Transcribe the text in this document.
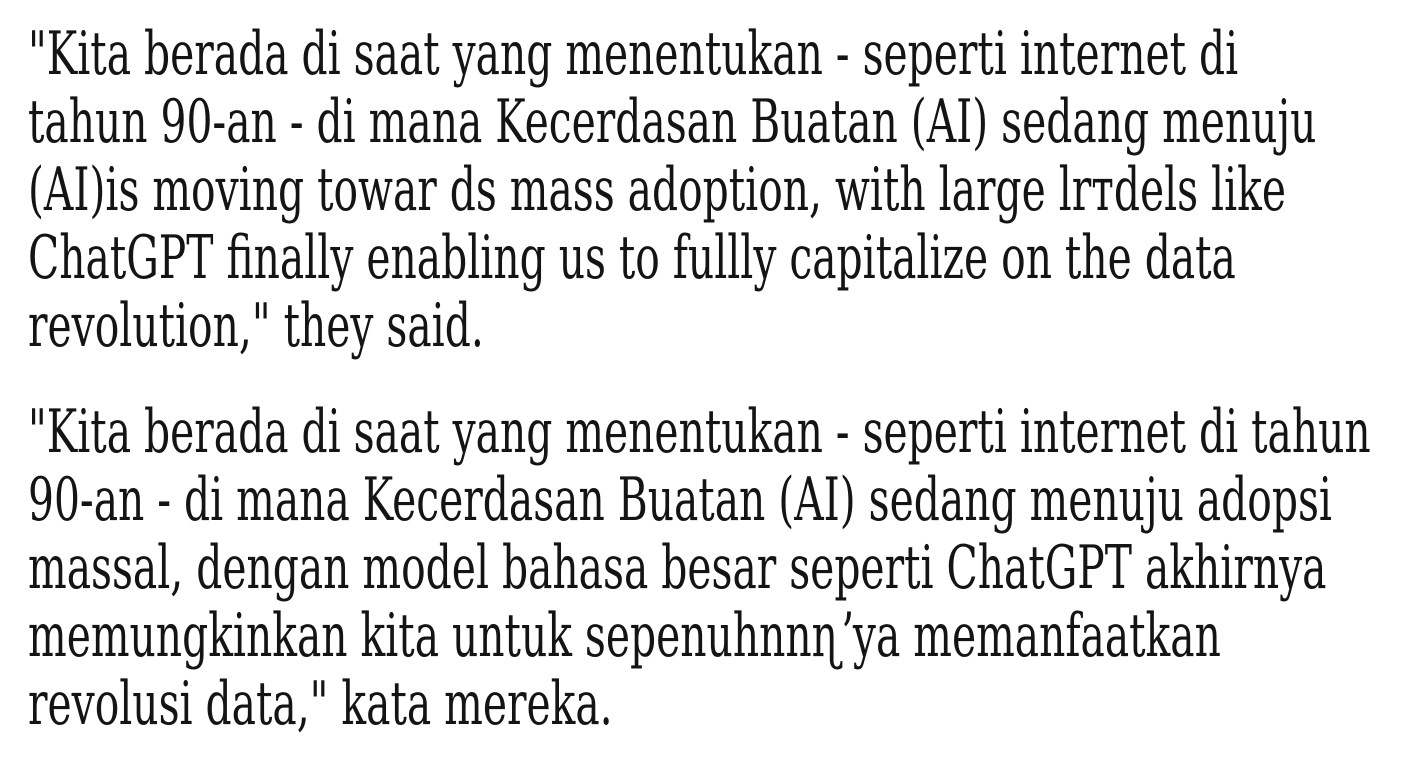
"Kita berada di saat yang menentukan - seperti internet di
tahun 90-an - di mana Kecerdasan Buatan (AI) sedang menuju
(AI)is moving towar ds mass adoption, with large lrтdels like
ChatGPT finally enabling us to fullly capitalize on the data
revolution," they said.
"Kita berada di saat yang menentukan - seperti internet di tahun
90-an - di mana Kecerdasan Buatan (AI) sedang menuju adopsi
massal, dengan model bahasa besar seperti ChatGPT akhirnya
memungkinkan kita untuk sepenuhnnɳʼya memanfaatkan
revolusi data," kata mereka.
